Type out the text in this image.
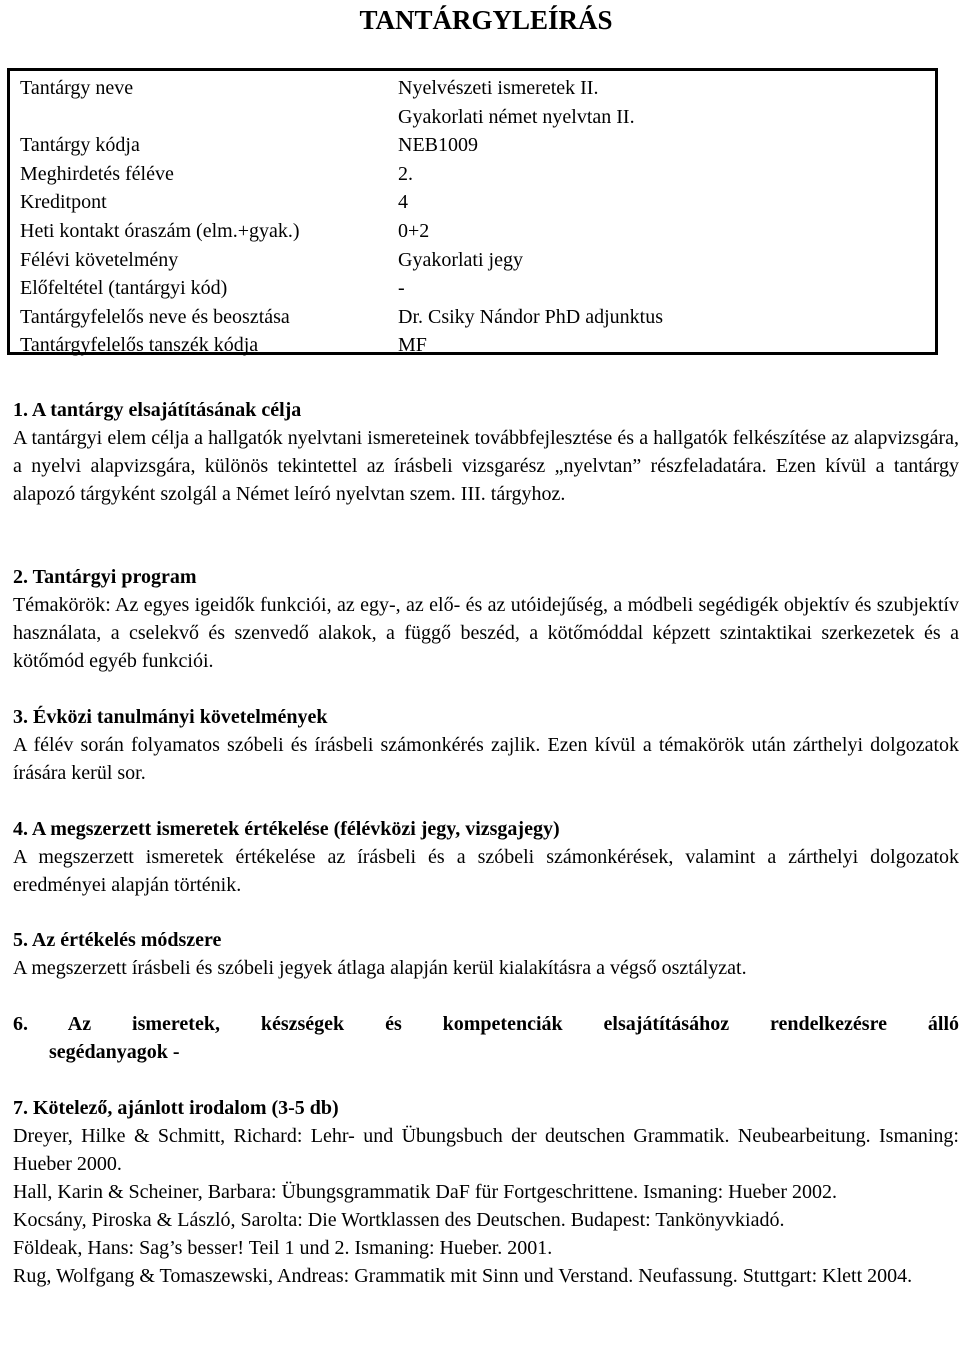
TANTÁRGYLEÍRÁS
Tantárgy neve	Nyelvészeti ismeretek II.
Gyakorlati német nyelvtan II.
Tantárgy kódja	NEB1009
Meghirdetés féléve	2.
Kreditpont	4
Heti kontakt óraszám (elm.+gyak.)	0+2
Félévi követelmény	Gyakorlati jegy
Előfeltétel (tantárgyi kód)	-
Tantárgyfelelős neve és beosztása	Dr. Csiky Nándor PhD adjunktus
Tantárgyfelelős tanszék kódja	MF
1. A tantárgy elsajátításának célja

A tantárgyi elem célja a hallgatók nyelvtani ismereteinek továbbfejlesztése és a hallgatók felkészítése az alapvizsgára, a nyelvi alapvizsgára, különös tekintettel az írásbeli vizsgarész „nyelvtan” részfeladatára. Ezen kívül a tantárgy alapozó tárgyként szolgál a Német leíró nyelvtan szem. III. tárgyhoz.

2. Tantárgyi program

Témakörök: Az egyes igeidők funkciói, az egy-, az elő- és az utóidejűség, a módbeli segédigék objektív és szubjektív használata, a cselekvő és szenvedő alakok, a függő beszéd, a kötőmóddal képzett szintaktikai szerkezetek és a kötőmód egyéb funkciói.

3. Évközi tanulmányi követelmények

A félév során folyamatos szóbeli és írásbeli számonkérés zajlik. Ezen kívül a témakörök után zárthelyi dolgozatok írására kerül sor.

4. A megszerzett ismeretek értékelése (félévközi jegy, vizsgajegy)

A megszerzett ismeretek értékelése az írásbeli és a szóbeli számonkérések, valamint a zárthelyi dolgozatok eredményei alapján történik.

5. Az értékelés módszere

A megszerzett írásbeli és szóbeli jegyek átlaga alapján kerül kialakításra a végső osztályzat.

6.   Az   ismeretek,   készségek   és   kompetenciák   elsajátításához   rendelkezésre   álló
segédanyagok -
7. Kötelező, ajánlott irodalom (3-5 db)

Dreyer, Hilke & Schmitt, Richard: Lehr- und Übungsbuch der deutschen Grammatik. Neubearbeitung. Ismaning: Hueber 2000.

Hall, Karin & Scheiner, Barbara: Übungsgrammatik DaF für Fortgeschrittene. Ismaning: Hueber 2002.

Kocsány, Piroska & László, Sarolta: Die Wortklassen des Deutschen. Budapest: Tankönyvkiadó.

Földeak, Hans: Sag’s besser! Teil 1 und 2. Ismaning: Hueber. 2001.

Rug, Wolfgang & Tomaszewski, Andreas: Grammatik mit Sinn und Verstand. Neufassung. Stuttgart: Klett 2004.
